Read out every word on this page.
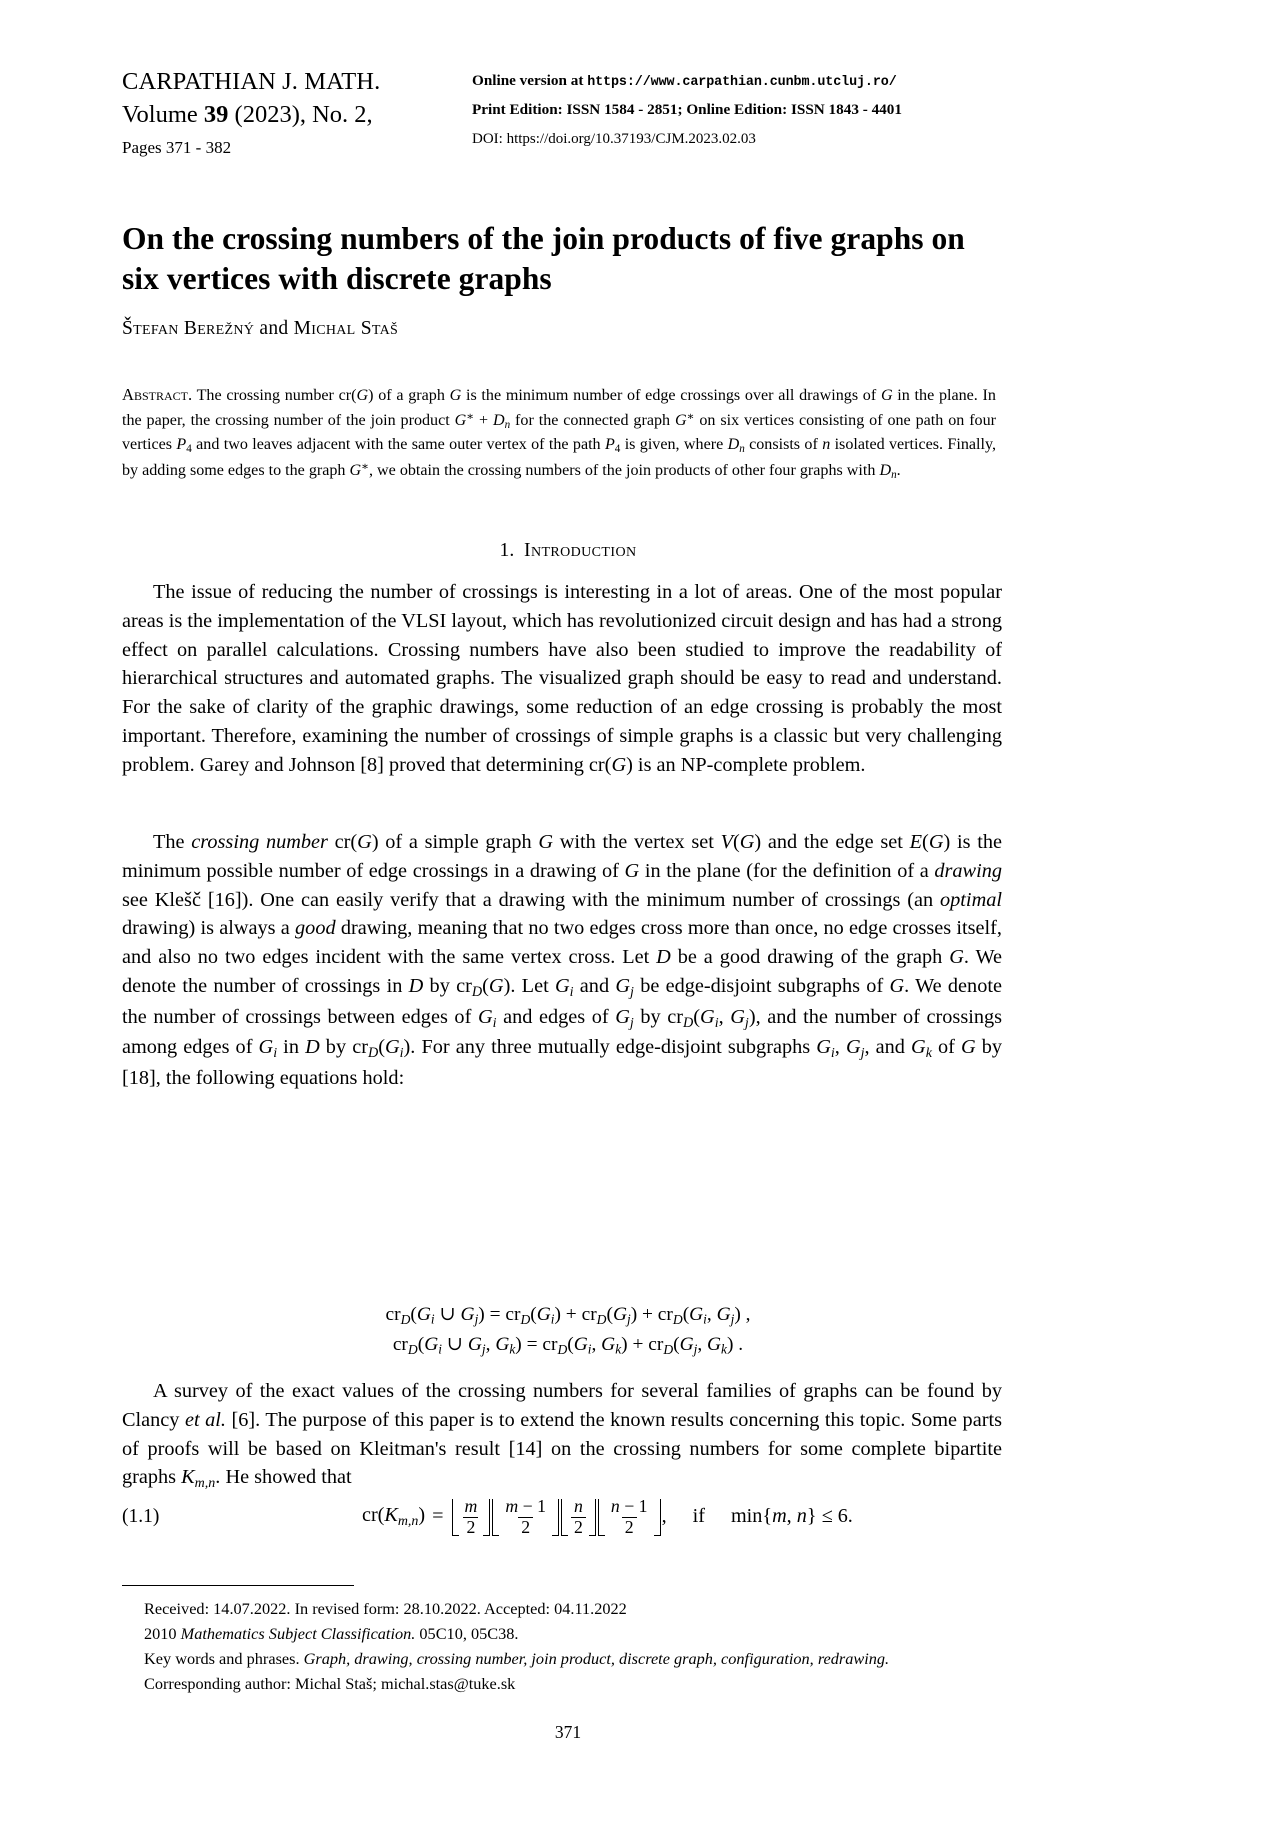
CARPATHIAN J. MATH.
Volume 39 (2023), No. 2,
Pages 371 - 382
Online version at https://www.carpathian.cunbm.utcluj.ro/
Print Edition: ISSN 1584 - 2851; Online Edition: ISSN 1843 - 4401
DOI: https://doi.org/10.37193/CJM.2023.02.03
On the crossing numbers of the join products of five graphs on six vertices with discrete graphs
Štefan Berežný and Michal Staš
Abstract. The crossing number cr(G) of a graph G is the minimum number of edge crossings over all drawings of G in the plane. In the paper, the crossing number of the join product $G^∗ + D_n$ for the connected graph G∗ on six vertices consisting of one path on four vertices $P_4$ and two leaves adjacent with the same outer vertex of the path $P_4$ is given, where $D_n$ consists of n isolated vertices. Finally, by adding some edges to the graph G∗, we obtain the crossing numbers of the join products of other four graphs with $D_n$.
1. Introduction

The issue of reducing the number of crossings is interesting in a lot of areas. One of the most popular areas is the implementation of the VLSI layout, which has revolutionized circuit design and has had a strong effect on parallel calculations. Crossing numbers have also been studied to improve the readability of hierarchical structures and automated graphs. The visualized graph should be easy to read and understand. For the sake of clarity of the graphic drawings, some reduction of an edge crossing is probably the most important. Therefore, examining the number of crossings of simple graphs is a classic but very challenging problem. Garey and Johnson [8] proved that determining cr(G) is an NP-complete problem.

The crossing number cr(G) of a simple graph G with the vertex set V(G) and the edge set E(G) is the minimum possible number of edge crossings in a drawing of G in the plane (for the definition of a drawing see Klešč [16]). One can easily verify that a drawing with the minimum number of crossings (an optimal drawing) is always a good drawing, meaning that no two edges cross more than once, no edge crosses itself, and also no two edges incident with the same vertex cross. Let D be a good drawing of the graph G. We denote the number of crossings in D by crD(G). Let $G_i$ and $G_j$ be edge-disjoint subgraphs of G. We denote the number of crossings between edges of $G_i$ and edges of $G_j$ by $crD(G_i$, $G_j$), and the number of crossings among edges of $G_i$ in D by $crD(G_i)$. For any three mutually edge-disjoint subgraphs $G_i$, $G_j$, and $G_k$ of G by [18], the following equations hold:

$crD(G_i$ ∪ $G_j) = crD(G_i) + crD(G_j) + crD(G_i$, $G_j$) ,
$crD(G_i$ ∪ $G_j$, $G_k) = crD(G_i$, $G_k) + crD(G_j$, $G_k$) .

A survey of the exact values of the crossing numbers for several families of graphs can be found by Clancy et al. [6]. The purpose of this paper is to extend the known results concerning this topic. Some parts of proofs will be based on Kleitman's result [14] on the crossing numbers for some complete bipartite graphs $K_{m,n}$. He showed that

(1.1)	$cr(K_{m,n})$ =	$\frac{m}{2} \frac{m - 1}{2} \frac{n}{2} \frac{n - 1}{2}$ ,	if	min{m, n} ≤ 6.
Received: 14.07.2022. In revised form: 28.10.2022. Accepted: 04.11.2022
2010 Mathematics Subject Classification. 05C10, 05C38.
Key words and phrases. Graph, drawing, crossing number, join product, discrete graph, configuration, redrawing.
Corresponding author: Michal Staš; michal.stas@tuke.sk
371
